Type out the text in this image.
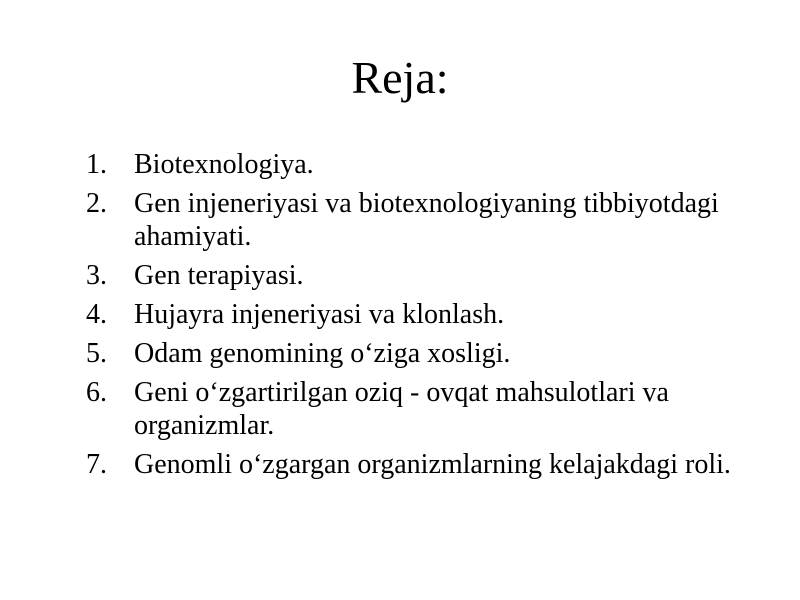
Reja:
1. Biotexnologiya.
2. Gen injeneriyasi va biotexnologiyaning tibbiyotdagi ahamiyati.
3. Gen terapiyasi.
4. Hujayra injeneriyasi va klonlash.
5. Odam genomining o‘ziga xosligi.
6. Geni o‘zgartirilgan oziq - ovqat mahsulotlari va organizmlar.
7. Genomli o‘zgargan organizmlarning kelajakdagi roli.
